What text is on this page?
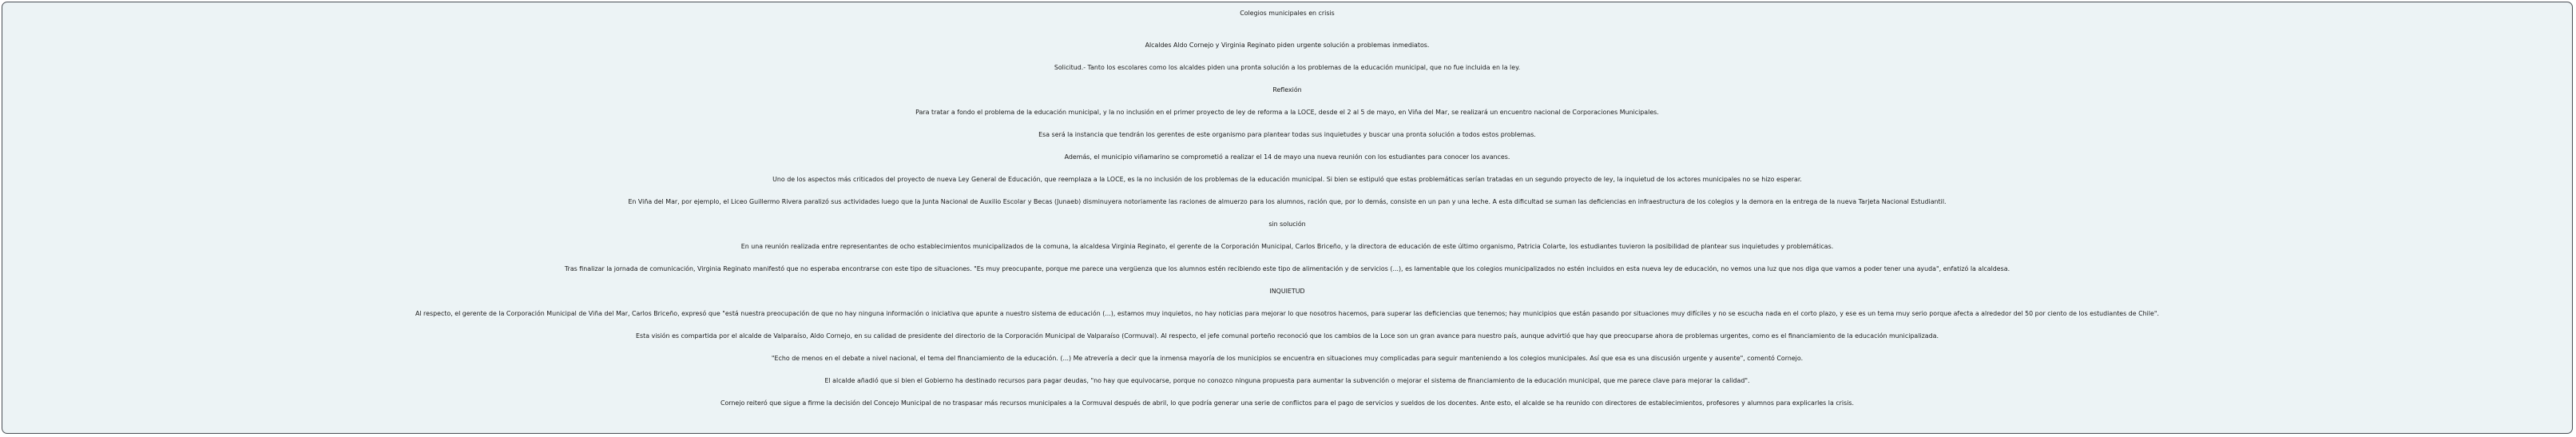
Colegios municipales en crisis

Alcaldes Aldo Cornejo y Virginia Reginato piden urgente solución a problemas inmediatos.

Solicitud.- Tanto los escolares como los alcaldes piden una pronta solución a los problemas de la educación municipal, que no fue incluida en la ley.

Reflexión

Para tratar a fondo el problema de la educación municipal, y la no inclusión en el primer proyecto de ley de reforma a la LOCE, desde el 2 al 5 de mayo, en Viña del Mar, se realizará un encuentro nacional de Corporaciones Municipales.

Esa será la instancia que tendrán los gerentes de este organismo para plantear todas sus inquietudes y buscar una pronta solución a todos estos problemas.

Además, el municipio viñamarino se comprometió a realizar el 14 de mayo una nueva reunión con los estudiantes para conocer los avances.

Uno de los aspectos más criticados del proyecto de nueva Ley General de Educación, que reemplaza a la LOCE, es la no inclusión de los problemas de la educación municipal. Si bien se estipuló que estas problemáticas serían tratadas en un segundo proyecto de ley, la inquietud de los actores municipales no se hizo esperar.

En Viña del Mar, por ejemplo, el Liceo Guillermo Rivera paralizó sus actividades luego que la Junta Nacional de Auxilio Escolar y Becas (Junaeb) disminuyera notoriamente las raciones de almuerzo para los alumnos, ración que, por lo demás, consiste en un pan y una leche. A esta dificultad se suman las deficiencias en infraestructura de los colegios y la demora en la entrega de la nueva Tarjeta Nacional Estudiantil.

sin solución

En una reunión realizada entre representantes de ocho establecimientos municipalizados de la comuna, la alcaldesa Virginia Reginato, el gerente de la Corporación Municipal, Carlos Briceño, y la directora de educación de este último organismo, Patricia Colarte, los estudiantes tuvieron la posibilidad de plantear sus inquietudes y problemáticas.

Tras finalizar la jornada de comunicación, Virginia Reginato manifestó que no esperaba encontrarse con este tipo de situaciones. "Es muy preocupante, porque me parece una vergüenza que los alumnos estén recibiendo este tipo de alimentación y de servicios (...), es lamentable que los colegios municipalizados no estén incluidos en esta nueva ley de educación, no vemos una luz que nos diga que vamos a poder tener una ayuda", enfatizó la alcaldesa.

INQUIETUD

Al respecto, el gerente de la Corporación Municipal de Viña del Mar, Carlos Briceño, expresó que "está nuestra preocupación de que no hay ninguna información o iniciativa que apunte a nuestro sistema de educación (...), estamos muy inquietos, no hay noticias para mejorar lo que nosotros hacemos, para superar las deficiencias que tenemos; hay municipios que están pasando por situaciones muy difíciles y no se escucha nada en el corto plazo, y ese es un tema muy serio porque afecta a alrededor del 50 por ciento de los estudiantes de Chile".

Esta visión es compartida por el alcalde de Valparaíso, Aldo Cornejo, en su calidad de presidente del directorio de la Corporación Municipal de Valparaíso (Cormuval). Al respecto, el jefe comunal porteño reconoció que los cambios de la Loce son un gran avance para nuestro país, aunque advirtió que hay que preocuparse ahora de problemas urgentes, como es el financiamiento de la educación municipalizada.

"Echo de menos en el debate a nivel nacional, el tema del financiamiento de la educación. (...) Me atrevería a decir que la inmensa mayoría de los municipios se encuentra en situaciones muy complicadas para seguir manteniendo a los colegios municipales. Así que esa es una discusión urgente y ausente", comentó Cornejo.

El alcalde añadió que si bien el Gobierno ha destinado recursos para pagar deudas, "no hay que equivocarse, porque no conozco ninguna propuesta para aumentar la subvención o mejorar el sistema de financiamiento de la educación municipal, que me parece clave para mejorar la calidad".

Cornejo reiteró que sigue a firme la decisión del Concejo Municipal de no traspasar más recursos municipales a la Cormuval después de abril, lo que podría generar una serie de conflictos para el pago de servicios y sueldos de los docentes. Ante esto, el alcalde se ha reunido con directores de establecimientos, profesores y alumnos para explicarles la crisis.
